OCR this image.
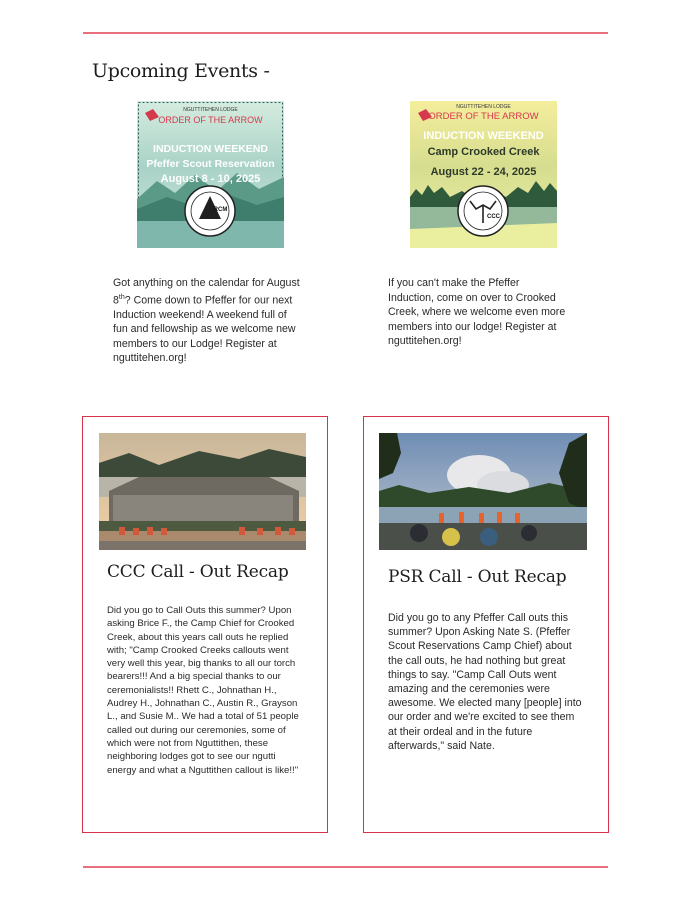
Upcoming Events -
NGUTTITEHEN LODGE
ORDER OF THE ARROW
INDUCTION WEEKEND
Pfeffer Scout Reservation
August 8 - 10, 2025
RCM
NGUTTITEHEN LODGE
ORDER OF THE ARROW
INDUCTION WEEKEND
Camp Crooked Creek
August 22 - 24, 2025
CCC
Got anything on the calendar for August 8th? Come down to Pfeffer for our next Induction weekend! A weekend full of fun and fellowship as we welcome new members to our Lodge! Register at nguttitehen.org!
If you can't make the Pfeffer Induction, come on over to Crooked Creek, where we welcome even more members into our lodge! Register at nguttitehen.org!
CCC Call - Out Recap
Did you go to Call Outs this summer? Upon asking Brice F., the Camp Chief for Crooked Creek, about this years call outs he replied with; "Camp Crooked Creeks callouts went very well this year, big thanks to all our torch bearers!!! And a big special thanks to our ceremonialists!! Rhett C., Johnathan H., Audrey H., Johnathan C., Austin R., Grayson L., and Susie M.. We had a total of 51 people called out during our ceremonies, some of which were not from Nguttithen, these neighboring lodges got to see our ngutti energy and what a Nguttithen callout is like!!"
PSR Call - Out Recap
Did you go to any Pfeffer Call outs this summer? Upon Asking Nate S. (Pfeffer Scout Reservations Camp Chief) about the call outs, he had nothing but great things to say. "Camp Call Outs went amazing and the ceremonies were awesome. We elected many [people] into our order and we're excited to see them at their ordeal and in the future afterwards," said Nate.
